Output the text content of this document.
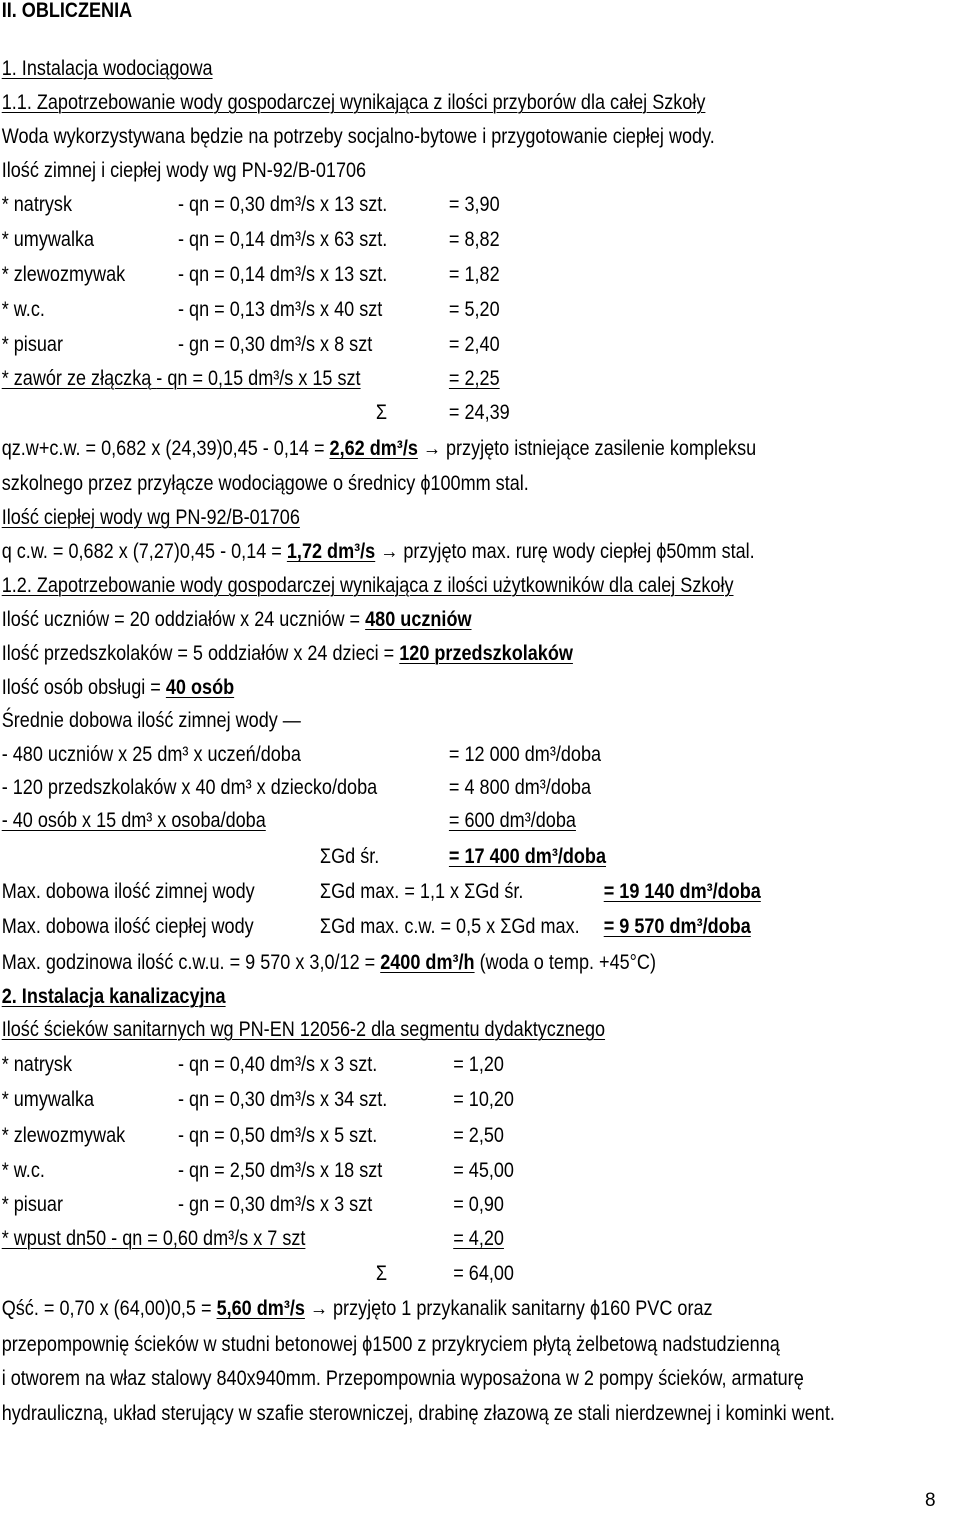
II. OBLICZENIA
1. Instalacja wodociągowa
1.1. Zapotrzebowanie wody gospodarczej wynikająca z ilości przyborów dla całej Szkoły
Woda wykorzystywana będzie na potrzeby socjalno-bytowe i przygotowanie ciepłej wody.
Ilość zimnej i ciepłej wody wg PN-92/B-01706
* natrysk	- qn = 0,30 dm³/s x 13 szt.	= 3,90
* umywalka	- qn = 0,14 dm³/s x 63 szt.	= 8,82
* zlewozmywak	- qn = 0,14 dm³/s x 13 szt.	= 1,82
* w.c.	- qn = 0,13 dm³/s x 40 szt	= 5,20
* pisuar	- gn = 0,30 dm³/s x 8 szt	= 2,40
* zawór ze złączką - qn = 0,15 dm³/s x 15 szt	= 2,25
Σ	= 24,39
qz.w+c.w. = 0,682 x (24,39)0,45 - 0,14 = 2,62 dm³/s → przyjęto istniejące zasilenie kompleksu
szkolnego przez przyłącze wodociągowe o średnicy ϕ100mm stal.
Ilość ciepłej wody wg PN-92/B-01706
q c.w. = 0,682 x (7,27)0,45 - 0,14 = 1,72 dm³/s → przyjęto max. rurę wody ciepłej ϕ50mm stal.
1.2. Zapotrzebowanie wody gospodarczej wynikająca z ilości użytkowników dla calej Szkoły
Ilość uczniów = 20 oddziałów x 24 uczniów = 480 uczniów
Ilość przedszkolaków = 5 oddziałów x 24 dzieci = 120 przedszkolaków
Ilość osób obsługi = 40 osób
Średnie dobowa ilość zimnej wody —
- 480 uczniów x 25 dm³ x uczeń/doba	= 12 000 dm³/doba
- 120 przedszkolaków x 40 dm³ x dziecko/doba	= 4 800 dm³/doba
- 40 osób x 15 dm³ x osoba/doba	= 600 dm³/doba
ΣGd śr.	= 17 400 dm³/doba
Max. dobowa ilość zimnej wody	ΣGd max. = 1,1 x ΣGd śr.	= 19 140 dm³/doba
Max. dobowa ilość ciepłej wody	ΣGd max. c.w. = 0,5 x ΣGd max. = 9 570 dm³/doba
Max. godzinowa ilość c.w.u. = 9 570 x 3,0/12 = 2400 dm³/h (woda o temp. +45°C)
2. Instalacja kanalizacyjna
Ilość ścieków sanitarnych wg PN-EN 12056-2 dla segmentu dydaktycznego
* natrysk	- qn = 0,40 dm³/s x 3 szt.	= 1,20
* umywalka	- qn = 0,30 dm³/s x 34 szt.	= 10,20
* zlewozmywak	- qn = 0,50 dm³/s x 5 szt.	= 2,50
* w.c.	- qn = 2,50 dm³/s x 18 szt	= 45,00
* pisuar	- gn = 0,30 dm³/s x 3 szt	= 0,90
* wpust dn50 - qn = 0,60 dm³/s x 7 szt	= 4,20
Σ	= 64,00
Qść. = 0,70 x (64,00)0,5 = 5,60 dm³/s → przyjęto 1 przykanalik sanitarny ϕ160 PVC oraz
przepompownię ścieków w studni betonowej ϕ1500 z przykryciem płytą żelbetową nadstudzienną
i otworem na właz stalowy 840x940mm. Przepompownia wyposażona w 2 pompy ścieków, armaturę
hydrauliczną, układ sterujący w szafie sterowniczej, drabinę złazową ze stali nierdzewnej i kominki went.
8
